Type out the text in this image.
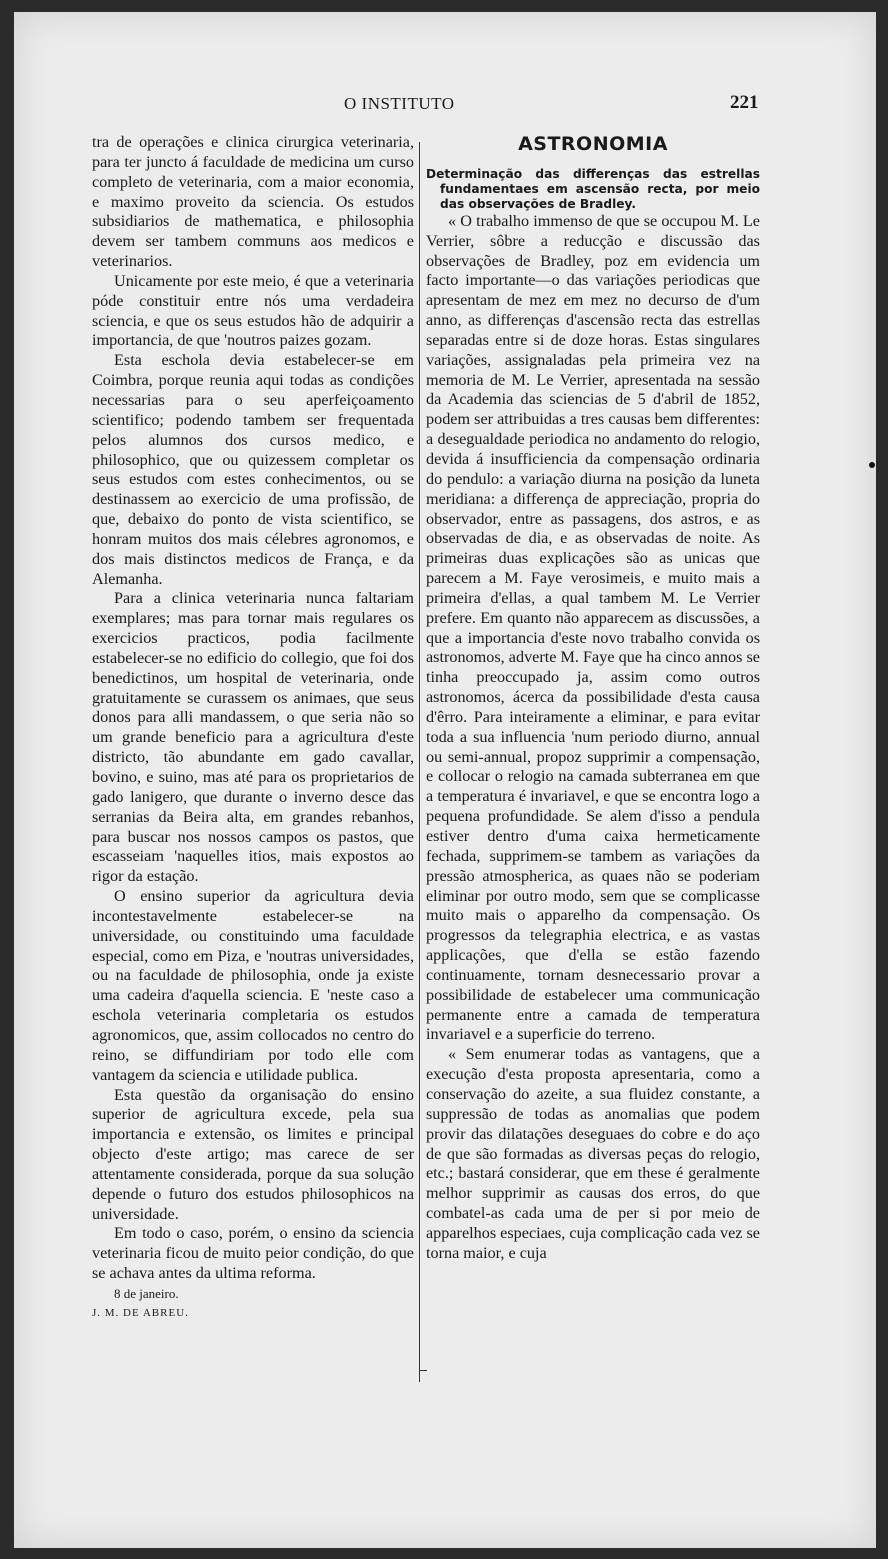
O INSTITUTO	221

tra de operações e clinica cirurgica veterinaria, para ter juncto á faculdade de medicina um curso completo de veterinaria, com a maior economia, e maximo proveito da sciencia. Os estudos subsidiarios de mathematica, e philosophia devem ser tambem communs aos medicos e veterinarios.

Unicamente por este meio, é que a veterinaria póde constituir entre nós uma verdadeira sciencia, e que os seus estudos hão de adquirir a importancia, de que 'noutros paizes gozam.

Esta eschola devia estabelecer-se em Coimbra, porque reunia aqui todas as condições necessarias para o seu aperfeiçoamento scientifico; podendo tambem ser frequentada pelos alumnos dos cursos medico, e philosophico, que ou quizessem completar os seus estudos com estes conhecimentos, ou se destinassem ao exercicio de uma profissão, de que, debaixo do ponto de vista scientifico, se honram muitos dos mais célebres agronomos, e dos mais distinctos medicos de França, e da Alemanha.

Para a clinica veterinaria nunca faltariam exemplares; mas para tornar mais regulares os exercicios practicos, podia facilmente estabelecer-se no edificio do collegio, que foi dos benedictinos, um hospital de veterinaria, onde gratuitamente se curassem os animaes, que seus donos para alli mandassem, o que seria não so um grande beneficio para a agricultura d'este districto, tão abundante em gado cavallar, bovino, e suino, mas até para os proprietarios de gado lanigero, que durante o inverno desce das serranias da Beira alta, em grandes rebanhos, para buscar nos nossos campos os pastos, que escasseiam 'naquelles itios, mais expostos ao rigor da estação.

O ensino superior da agricultura devia incontestavelmente estabelecer-se na universidade, ou constituindo uma faculdade especial, como em Piza, e 'noutras universidades, ou na faculdade de philosophia, onde ja existe uma cadeira d'aquella sciencia. E 'neste caso a eschola veterinaria completaria os estudos agronomicos, que, assim collocados no centro do reino, se diffundiriam por todo elle com vantagem da sciencia e utilidade publica.

Esta questão da organisação do ensino superior de agricultura excede, pela sua importancia e extensão, os limites e principal objecto d'este artigo; mas carece de ser attentamente considerada, porque da sua solução depende o futuro dos estudos philosophicos na universidade.

Em todo o caso, porém, o ensino da sciencia veterinaria ficou de muito peior condição, do que se achava antes da ultima reforma.

8 de janeiro.

J. M. DE ABREU.

ASTRONOMIA

Determinação das differenças das estrellas fundamentaes em ascensão recta, por meio das observações de Bradley.

« O trabalho immenso de que se occupou M. Le Verrier, sôbre a reducção e discussão das observações de Bradley, poz em evidencia um facto importante—o das variações periodicas que apresentam de mez em mez no decurso de d'um anno, as differenças d'ascensão recta das estrellas separadas entre si de doze horas. Estas singulares variações, assignaladas pela primeira vez na memoria de M. Le Verrier, apresentada na sessão da Academia das sciencias de 5 d'abril de 1852, podem ser attribuidas a tres causas bem differentes: a desegualdade periodica no andamento do relogio, devida á insufficiencia da compensação ordinaria do pendulo: a variação diurna na posição da luneta meridiana: a differença de appreciação, propria do observador, entre as passagens, dos astros, e as observadas de dia, e as observadas de noite. As primeiras duas explicações são as unicas que parecem a M. Faye verosimeis, e muito mais a primeira d'ellas, a qual tambem M. Le Verrier prefere. Em quanto não apparecem as discussões, a que a importancia d'este novo trabalho convida os astronomos, adverte M. Faye que ha cinco annos se tinha preoccupado ja, assim como outros astronomos, ácerca da possibilidade d'esta causa d'êrro. Para inteiramente a eliminar, e para evitar toda a sua influencia 'num periodo diurno, annual ou semi-annual, propoz supprimir a compensação, e collocar o relogio na camada subterranea em que a temperatura é invariavel, e que se encontra logo a pequena profundidade. Se alem d'isso a pendula estiver dentro d'uma caixa hermeticamente fechada, supprimem-se tambem as variações da pressão atmospherica, as quaes não se poderiam eliminar por outro modo, sem que se complicasse muito mais o apparelho da compensação. Os progressos da telegraphia electrica, e as vastas applicações, que d'ella se estão fazendo continuamente, tornam desnecessario provar a possibilidade de estabelecer uma communicação permanente entre a camada de temperatura invariavel e a superficie do terreno.

« Sem enumerar todas as vantagens, que a execução d'esta proposta apresentaria, como a conservação do azeite, a sua fluidez constante, a suppressão de todas as anomalias que podem provir das dilatações deseguaes do cobre e do aço de que são formadas as diversas peças do relogio, etc.; bastará considerar, que em these é geralmente melhor supprimir as causas dos erros, do que combatel-as cada uma de per si por meio de apparelhos especiaes, cuja complicação cada vez se torna maior, e cuja
